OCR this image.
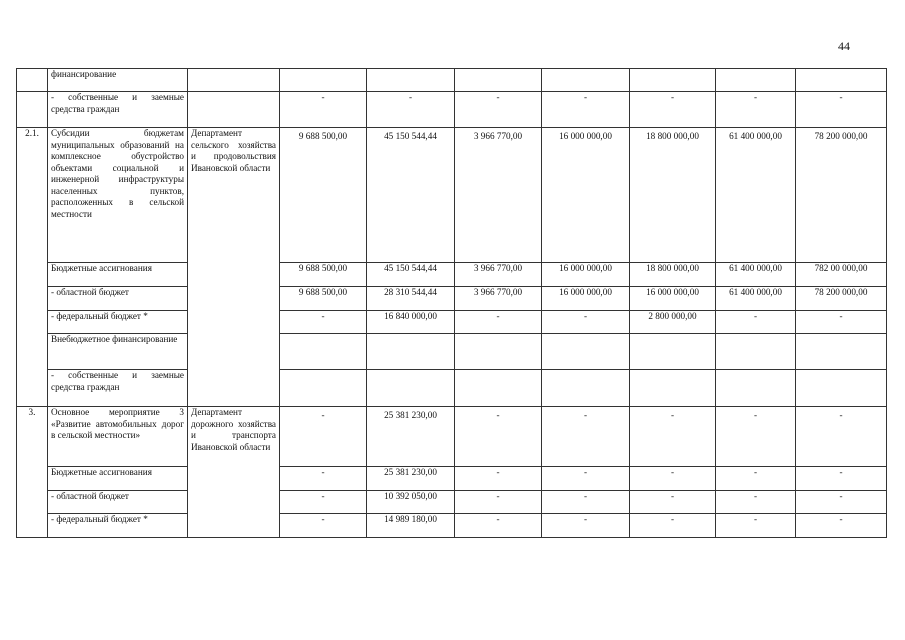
44
	финансирование								
	- собственные и заемные средства граждан		-	-	-	-	-	-	-
2.1.	Субсидии бюджетам муниципальных образований на комплексное обустройство объектами социальной и инженерной инфраструктуры населенных пунктов, расположенных в сельской местности	Департамент сельского хозяйства и продовольствия Ивановской области	9 688 500,00	45 150 544,44	3 966 770,00	16 000 000,00	18 800 000,00	61 400 000,00	78 200 000,00
	Бюджетные ассигнования		9 688 500,00	45 150 544,44	3 966 770,00	16 000 000,00	18 800 000,00	61 400 000,00	782 00 000,00
	- областной бюджет		9 688 500,00	28 310 544,44	3 966 770,00	16 000 000,00	16 000 000,00	61 400 000,00	78 200 000,00
	- федеральный бюджет *		-	16 840 000,00	-	-	2 800 000,00	-	-
	Внебюджетное финансирование								
	- собственные и заемные средства граждан								
3.	Основное мероприятие 3 «Развитие автомобильных дорог в сельской местности»	Департамент дорожного хозяйства и транспорта Ивановской области	-	25 381 230,00	-	-	-	-	-
	Бюджетные ассигнования		-	25 381 230,00	-	-	-	-	-
	- областной бюджет		-	10 392 050,00	-	-	-	-	-
	- федеральный бюджет *		-	14 989 180,00	-	-	-	-	-
